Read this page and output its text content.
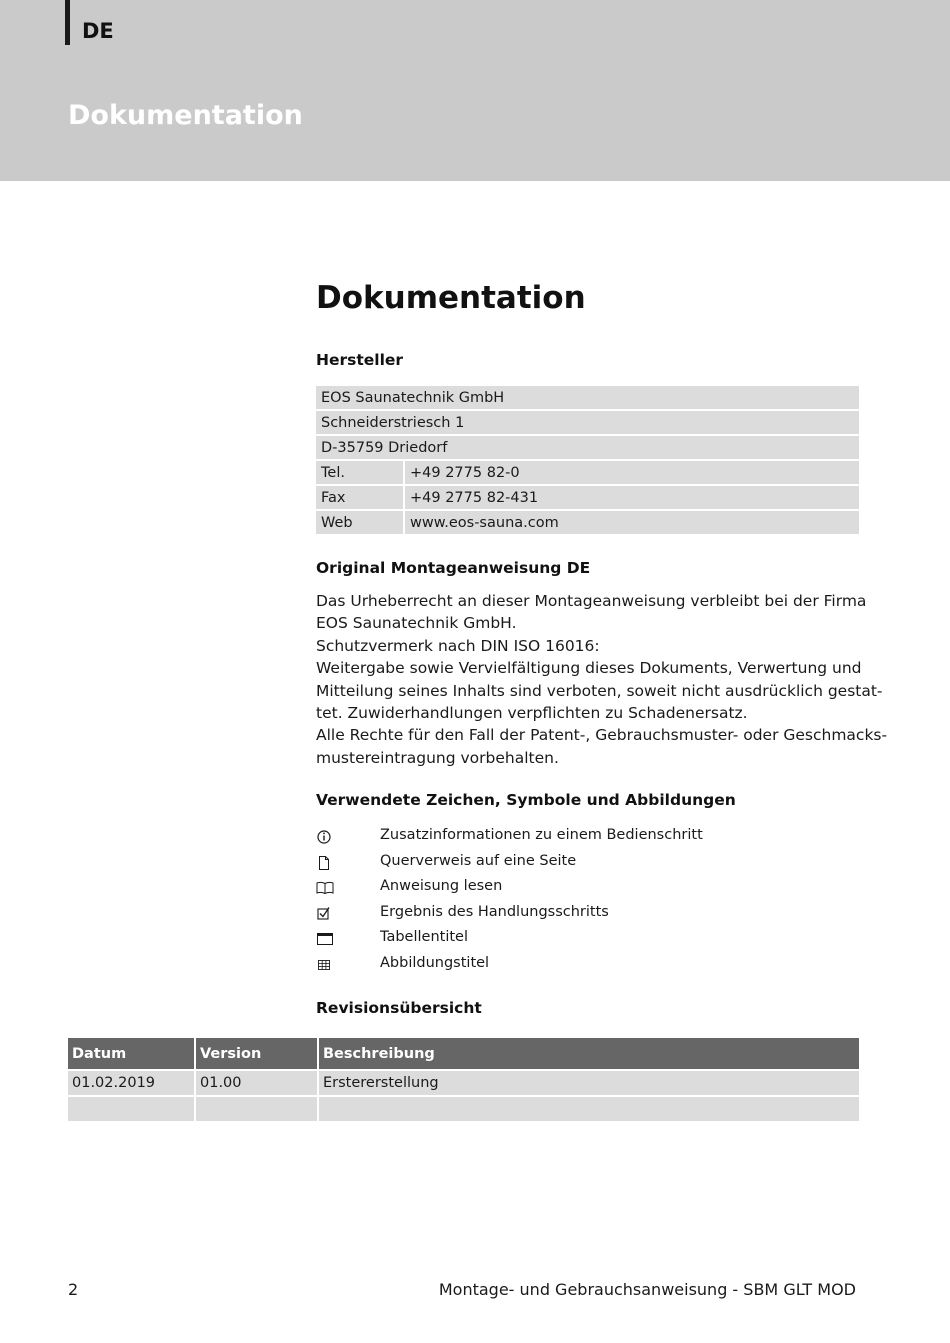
DE
Dokumentation
Dokumentation
Hersteller
EOS Saunatechnik GmbH	
Schneiderstriesch 1	
D-35759 Driedorf	
Tel.	+49 2775 82-0
Fax	+49 2775 82-431
Web	www.eos-sauna.com
Original Montageanweisung DE
Das Urheberrecht an dieser Montageanweisung verbleibt bei der Firma
EOS Saunatechnik GmbH.
Schutzvermerk nach DIN ISO 16016:
Weitergabe sowie Vervielfältigung dieses Dokuments, Verwertung und
Mitteilung seines Inhalts sind verboten, soweit nicht ausdrücklich gestat-
tet. Zuwiderhandlungen verpflichten zu Schadenersatz.
Alle Rechte für den Fall der Patent-, Gebrauchsmuster- oder Geschmacks-
mustereintragung vorbehalten.
Verwendete Zeichen, Symbole und Abbildungen
Zusatzinformationen zu einem Bedienschritt
Querverweis auf eine Seite
Anweisung lesen
Ergebnis des Handlungsschritts
Tabellentitel
Abbildungstitel
Revisionsübersicht
Datum	Version	Beschreibung
01.02.2019	01.00	Erstererstellung

2	Montage- und Gebrauchsanweisung - SBM GLT MOD
